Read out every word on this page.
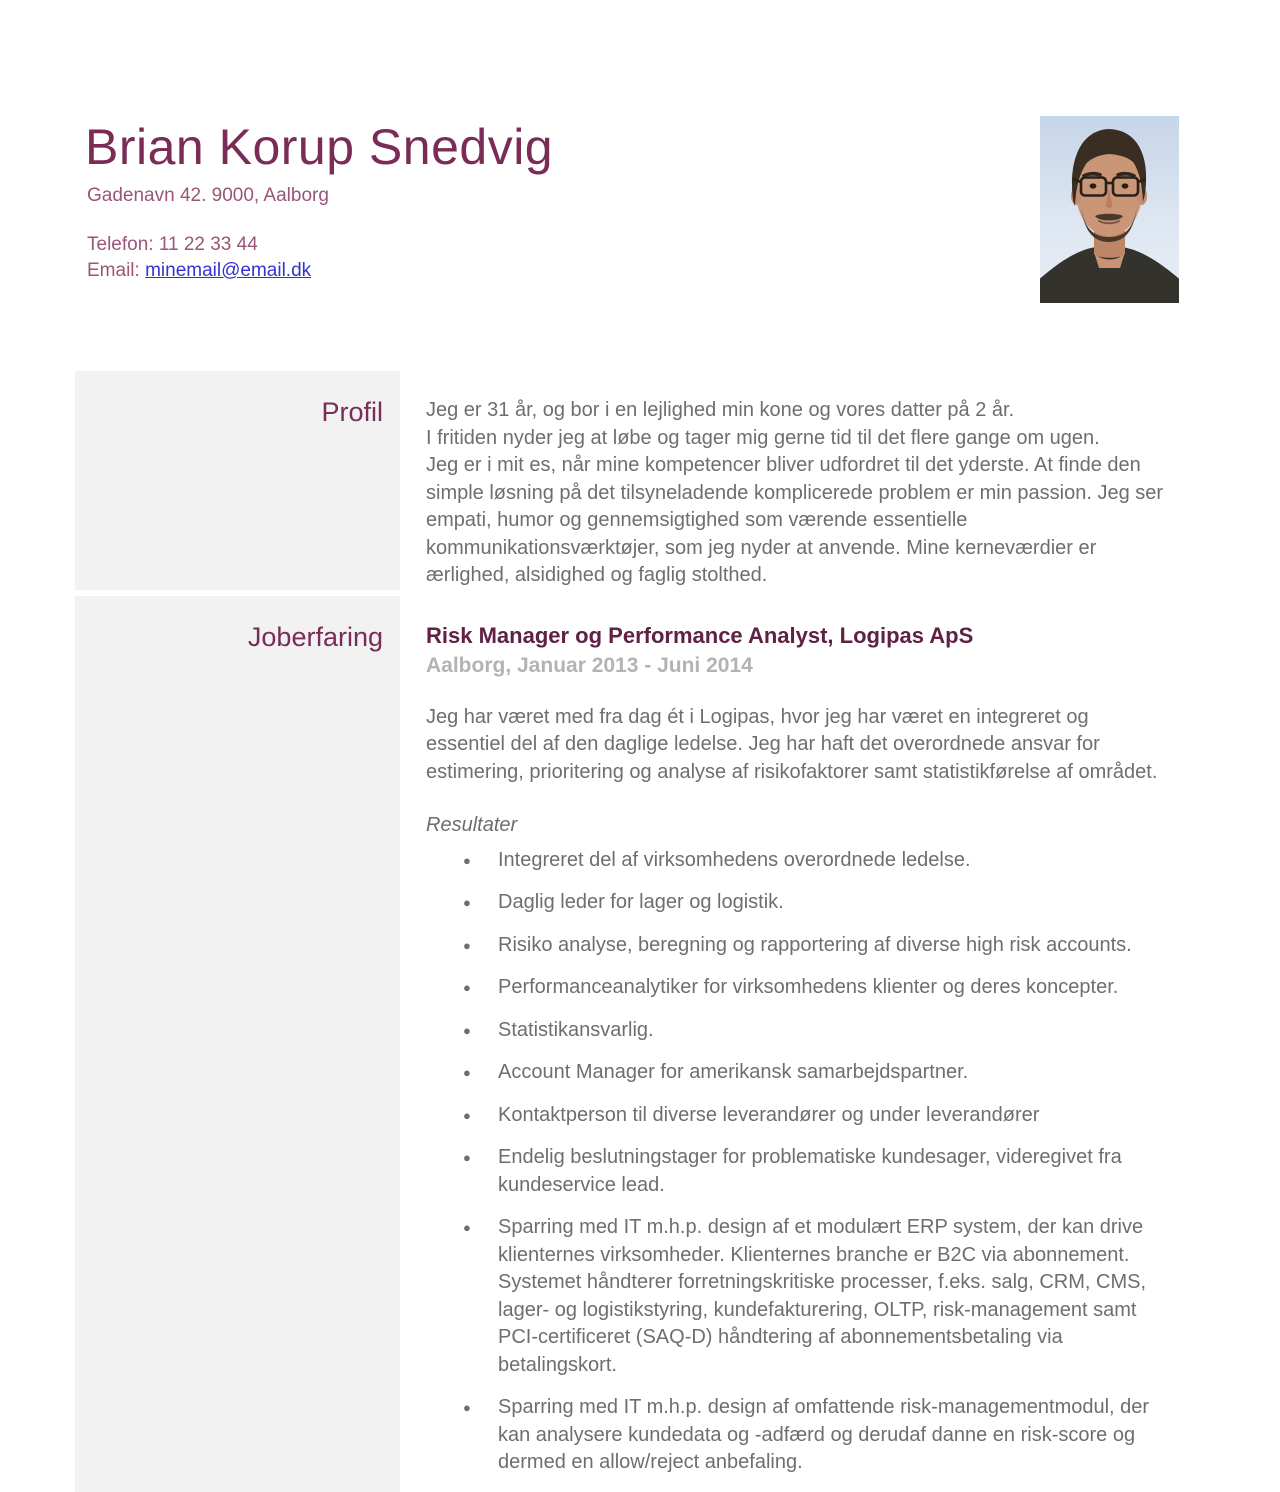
Brian Korup Snedvig
Gadenavn 42. 9000, Aalborg
Telefon: 11 22 33 44
Email: minemail@email.dk
Profil	Jeg er 31 år, og bor i en lejlighed min kone og vores datter på 2 år.

I fritiden nyder jeg at løbe og tager mig gerne tid til det flere gange om ugen.

Jeg er i mit es, når mine kompetencer bliver udfordret til det yderste. At finde den simple løsning på det tilsyneladende komplicerede problem er min passion. Jeg ser empati, humor og gennemsigtighed som værende essentielle kommunikationsværktøjer, som jeg nyder at anvende. Mine kerneværdier er ærlighed, alsidighed og faglig stolthed.

Joberfaring	Risk Manager og Performance Analyst, Logipas ApS
Aalborg, Januar 2013 - Juni 2014

Jeg har været med fra dag ét i Logipas, hvor jeg har været en integreret og essentiel del af den daglige ledelse. Jeg har haft det overordnede ansvar for estimering, prioritering og analyse af risikofaktorer samt statistikførelse af området.

Resultater
● Integreret del af virksomhedens overordnede ledelse.
● Daglig leder for lager og logistik.
● Risiko analyse, beregning og rapportering af diverse high risk accounts.
● Performanceanalytiker for virksomhedens klienter og deres koncepter.
● Statistikansvarlig.
● Account Manager for amerikansk samarbejdspartner.
● Kontaktperson til diverse leverandører og under leverandører
● Endelig beslutningstager for problematiske kundesager, videregivet fra kundeservice lead.
● Sparring med IT m.h.p. design af et modulært ERP system, der kan drive klienternes virksomheder. Klienternes branche er B2C via abonnement. Systemet håndterer forretningskritiske processer, f.eks. salg, CRM, CMS, lager- og logistikstyring, kundefakturering, OLTP, risk-management samt PCI-certificeret (SAQ-D) håndtering af abonnementsbetaling via betalingskort.
● Sparring med IT m.h.p. design af omfattende risk-managementmodul, der kan analysere kundedata og -adfærd og derudaf danne en risk-score og dermed en allow/reject anbefaling.
